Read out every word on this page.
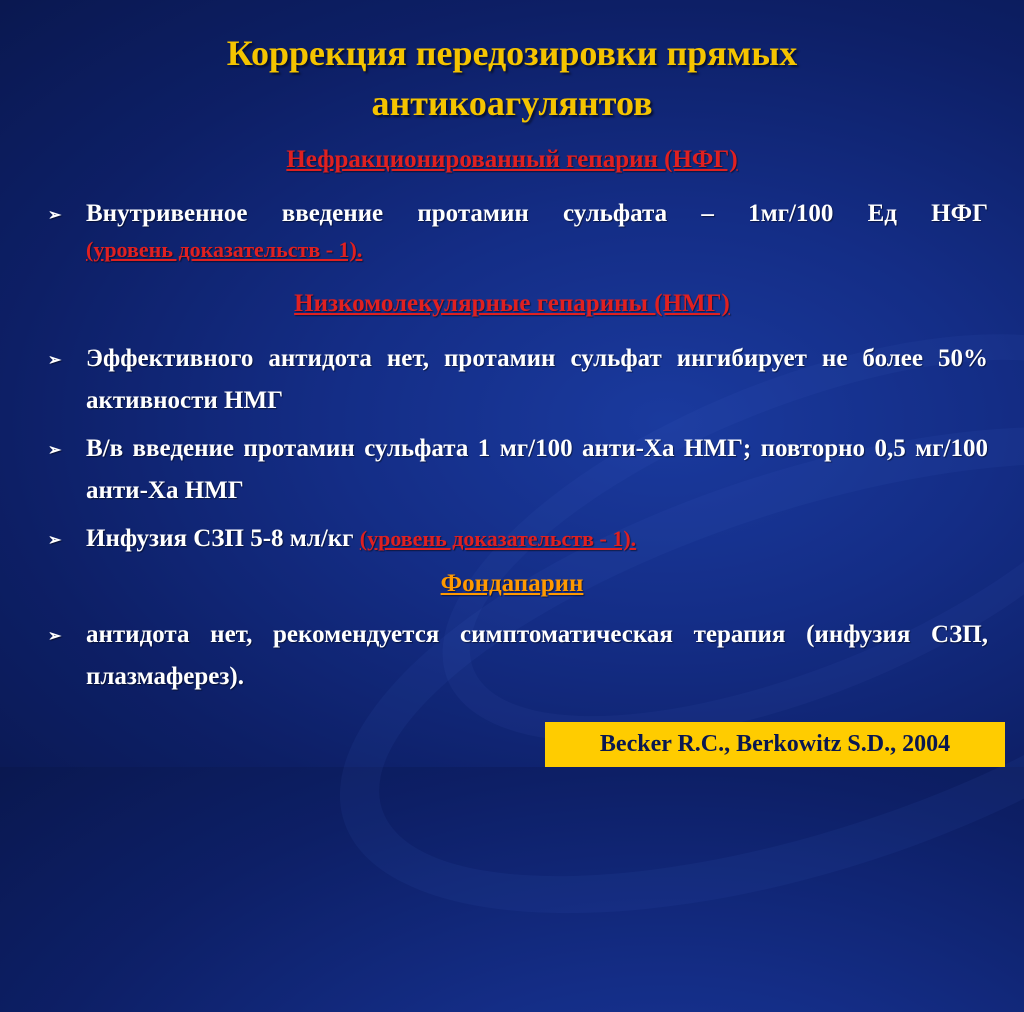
Коррекция передозировки прямых
антикоагулянтов
Нефракционированный гепарин (НФГ)
➢ Внутривенное введение протамин сульфата – 1мг/100 Ед НФГ
(уровень доказательств - 1).
Низкомолекулярные гепарины (НМГ)
➢ Эффективного антидота нет, протамин сульфат ингибирует не более 50% активности НМГ
➢ В/в введение протамин сульфата 1 мг/100 анти-Ха НМГ; повторно 0,5 мг/100 анти-Ха НМГ
➢ Инфузия СЗП 5-8 мл/кг (уровень доказательств - 1).
Фондапарин
➢ антидота нет, рекомендуется симптоматическая терапия (инфузия СЗП, плазмаферез).
Becker R.C., Berkowitz S.D., 2004
